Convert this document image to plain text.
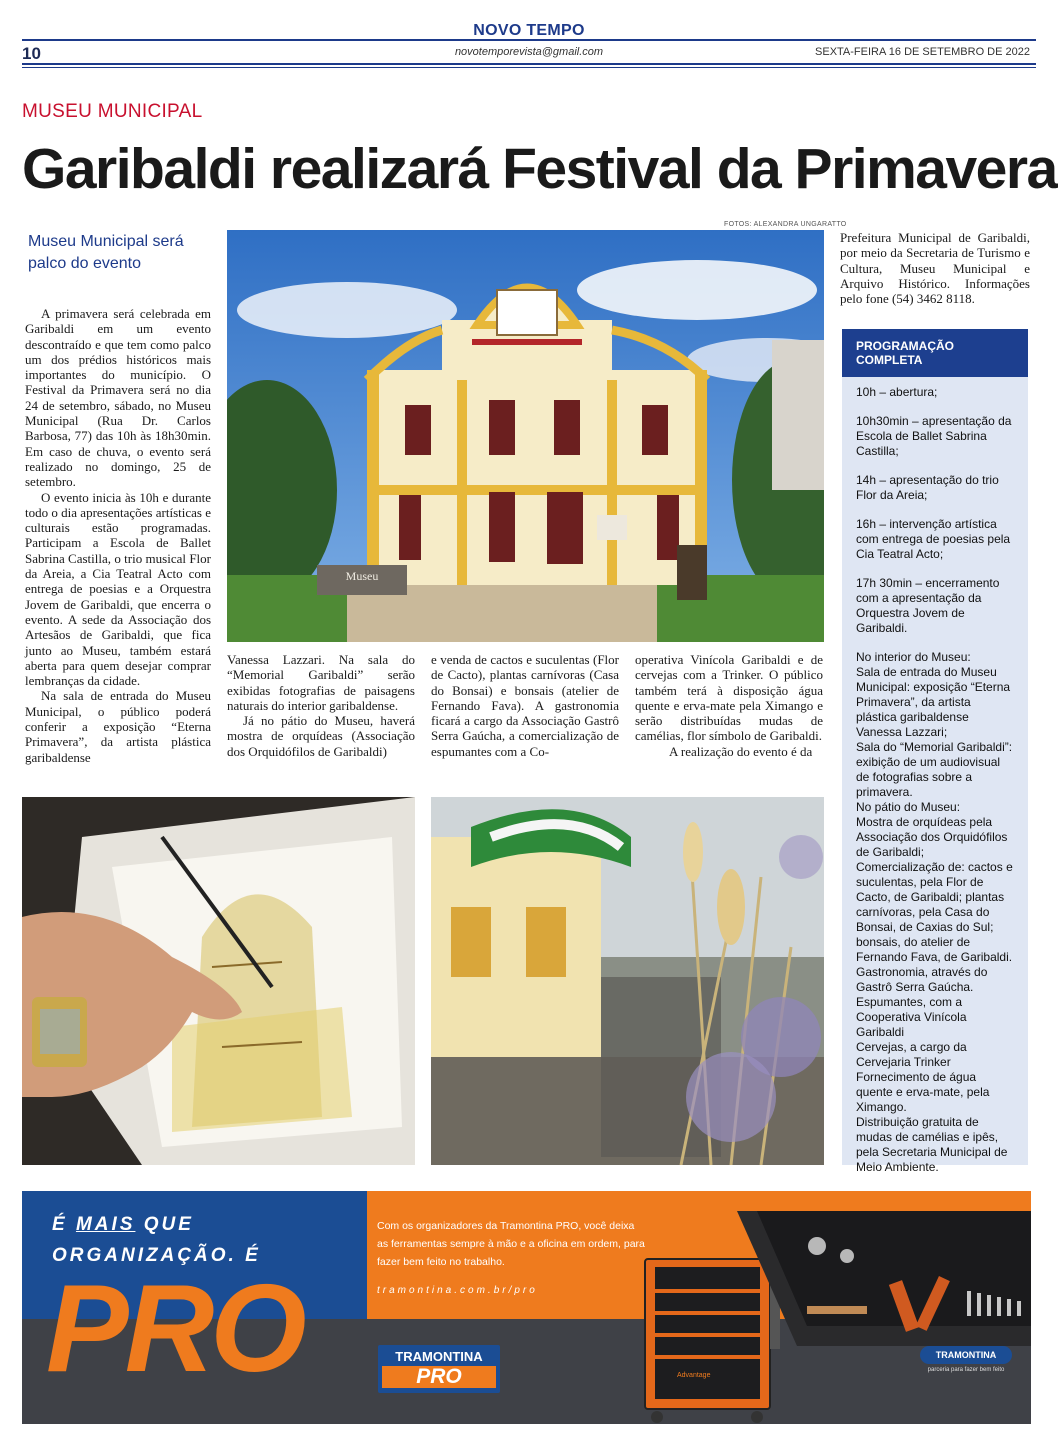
10
NOVO TEMPO
novotemporevista@gmail.com	SEXTA-FEIRA 16 DE SETEMBRO DE 2022
MUSEU MUNICIPAL
Garibaldi realizará Festival da Primavera
Museu Municipal será palco do evento

A primavera será celebrada em Garibaldi em um evento descontraído e que tem como palco um dos prédios históricos mais importantes do município. O Festival da Primavera será no dia 24 de setembro, sábado, no Museu Municipal (Rua Dr. Carlos Barbosa, 77) das 10h às 18h30min. Em caso de chuva, o evento será realizado no domingo, 25 de setembro.

O evento inicia às 10h e durante todo o dia apresentações artísticas e culturais estão programadas. Participam a Escola de Ballet Sabrina Castilla, o trio musical Flor da Areia, a Cia Teatral Acto com entrega de poesias e a Orquestra Jovem de Garibaldi, que encerra o evento. A sede da Associação dos Artesãos de Garibaldi, que fica junto ao Museu, também estará aberta para quem desejar comprar lembranças da cidade.

Na sala de entrada do Museu Municipal, o público poderá conferir a exposição “Eterna Primavera”, da artista plástica garibaldense

FOTOS: ALEXANDRA UNGARATTO
Museu

Vanessa Lazzari. Na sala do “Memorial Garibaldi” serão exibidas fotografias de paisagens naturais do interior garibaldense.

Já no pátio do Museu, haverá mostra de orquídeas (Associação dos Orquidófilos de Garibaldi)

e venda de cactos e suculentas (Flor de Cacto), plantas carnívoras (Casa do Bonsai) e bonsais (atelier de Fernando Fava). A gastronomia ficará a cargo da Associação Gastrô Serra Gaúcha, a comercialização de espumantes com a Co-

operativa Vinícola Garibaldi e de cervejas com a Trinker. O público também terá à disposição água quente e erva-mate pela Ximango e serão distribuídas mudas de camélias, flor símbolo de Garibaldi.

A realização do evento é da

Prefeitura Municipal de Garibaldi, por meio da Secretaria de Turismo e Cultura, Museu Municipal e Arquivo Histórico. Informações pelo fone (54) 3462 8118.

PROGRAMAÇÃO COMPLETA
10h – abertura;
10h30min – apresentação da Escola de Ballet Sabrina Castilla;
14h – apresentação do trio Flor da Areia;
16h – intervenção artística com entrega de poesias pela Cia Teatral Acto;
17h 30min – encerramento com a apresentação da Orquestra Jovem de Garibaldi.
No interior do Museu:
Sala de entrada do Museu Municipal: exposição “Eterna Primavera”, da artista plástica garibaldense Vanessa Lazzari;
Sala do “Memorial Garibaldi”: exibição de um audiovisual de fotografias sobre a primavera.
No pátio do Museu:
Mostra de orquídeas pela Associação dos Orquidófilos de Garibaldi;
Comercialização de: cactos e suculentas, pela Flor de Cacto, de Garibaldi; plantas carnívoras, pela Casa do Bonsai, de Caxias do Sul; bonsais, do atelier de Fernando Fava, de Garibaldi.
Gastronomia, através do Gastrô Serra Gaúcha.
Espumantes, com a Cooperativa Vinícola Garibaldi
Cervejas, a cargo da Cervejaria Trinker
Fornecimento de água quente e erva-mate, pela Ximango.
Distribuição gratuita de mudas de camélias e ipês, pela Secretaria Municipal de Meio Ambiente.
É MAIS QUE
ORGANIZAÇÃO. É
PRO
Com os organizadores da Tramontina PRO, você deixa as ferramentas sempre à mão e a oficina em ordem, para fazer bem feito no trabalho.
tramontina.com.br/pro
TRAMONTINA
PRO	Advantage
TRAMONTINA
parceria para fazer bem feito
